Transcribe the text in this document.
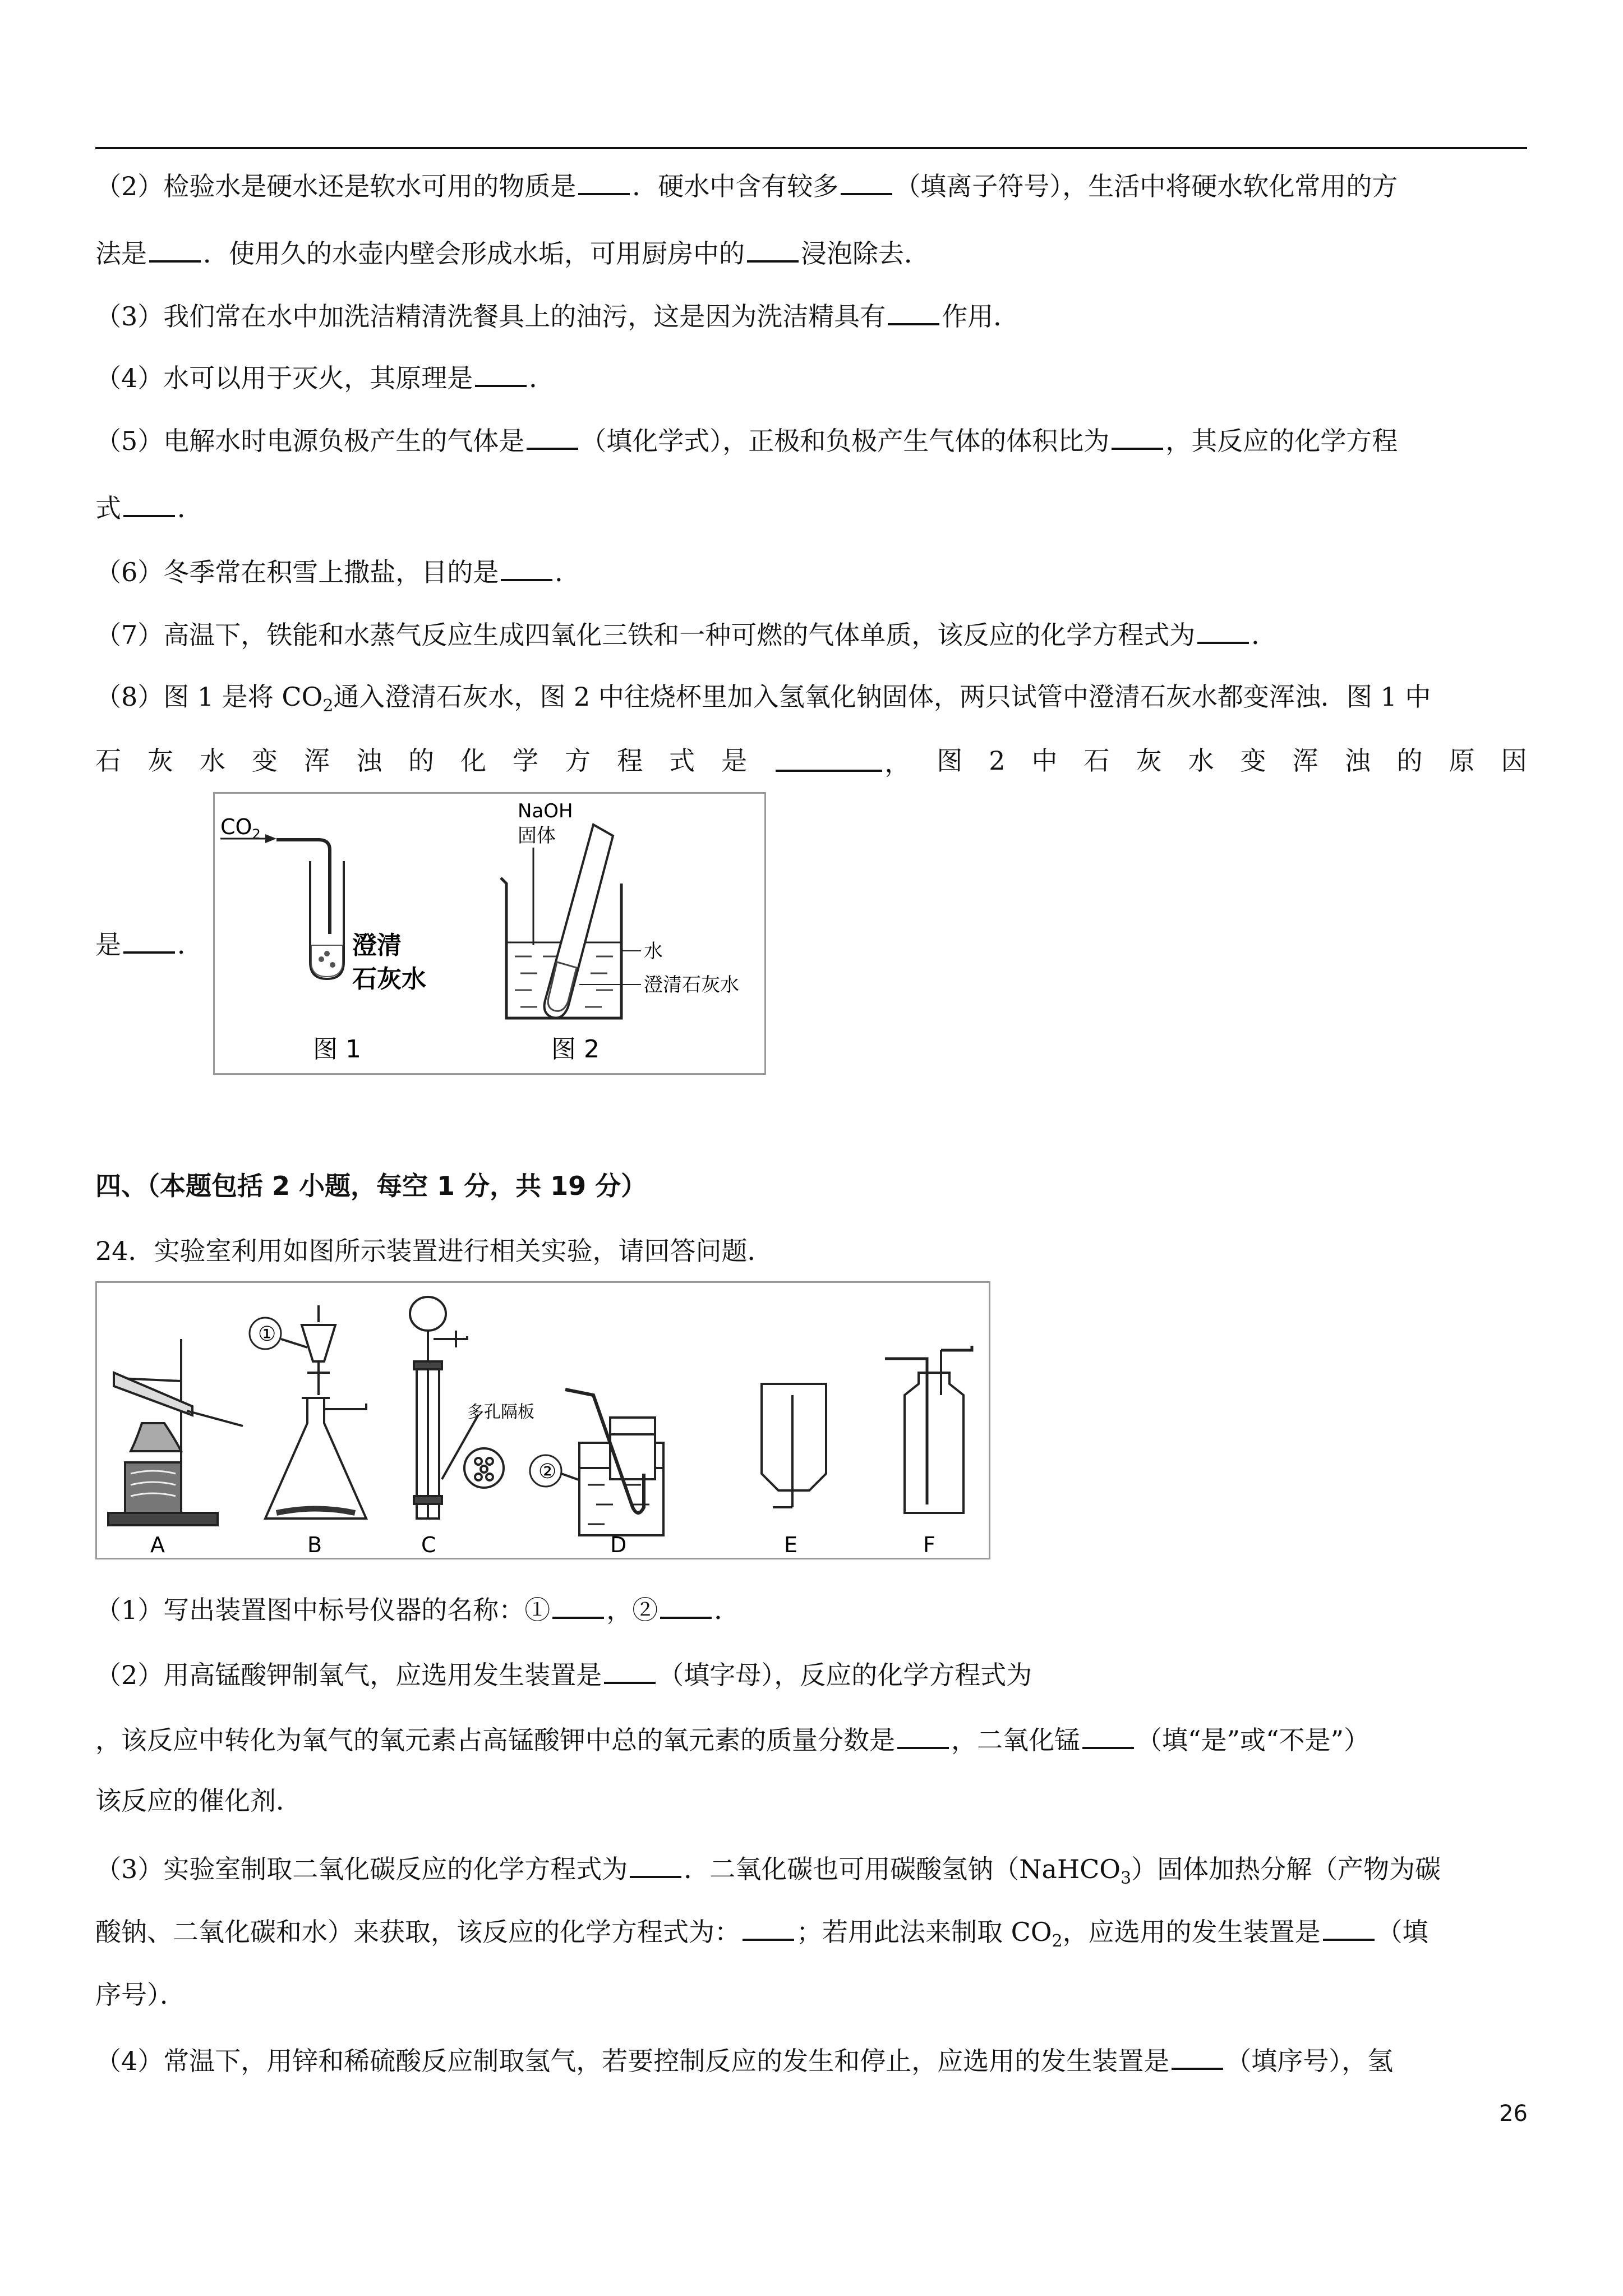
（2）检验水是硬水还是软水可用的物质是 ．硬水中含有较多 （填离子符号），生活中将硬水软化常用的方
法是 ．使用久的水壶内壁会形成水垢，可用厨房中的 浸泡除去．
（3）我们常在水中加洗洁精清洗餐具上的油污，这是因为洗洁精具有 作用．
（4）水可以用于灭火，其原理是 ．
（5）电解水时电源负极产生的气体是 （填化学式），正极和负极产生气体的体积比为 ，其反应的化学方程
式 ．
（6）冬季常在积雪上撒盐，目的是 ．
（7）高温下，铁能和水蒸气反应生成四氧化三铁和一种可燃的气体单质，该反应的化学方程式为 ．
（8）图 1 是将 $CO_2$通入澄清石灰水，图 2 中往烧杯里加入氢氧化钠固体，两只试管中澄清石灰水都变浑浊．图 1 中
石 灰 水 变 浑 浊 的 化 学 方 程 式 是	， 图 2 中 石 灰 水 变 浑 浊 的 原 因
是 ．
$CO_2$
澄清
石灰水
图 1
NaOH
固体
水
澄清石灰水
图 2
四、（本题包括 2 小题，每空 1 分，共 19 分）
24．实验室利用如图所示装置进行相关实验，请回答问题．
A
①
B
多孔隔板
C
②
D	E	F
（1）写出装置图中标号仪器的名称：① ，② ．
（2）用高锰酸钾制氧气，应选用发生装置是 （填字母），反应的化学方程式为
，该反应中转化为氧气的氧元素占高锰酸钾中总的氧元素的质量分数是 ，二氧化锰 （填“是”或“不是”）
该反应的催化剂．
（3）实验室制取二氧化碳反应的化学方程式为 ．二氧化碳也可用碳酸氢钠（NaHCO$_3$）固体加热分解（产物为碳
酸钠、二氧化碳和水）来获取，该反应的化学方程式为： ；若用此法来制取 $CO_2$，应选用的发生装置是 （填
序号）．
（4）常温下，用锌和稀硫酸反应制取氢气，若要控制反应的发生和停止，应选用的发生装置是 （填序号），氢
26
